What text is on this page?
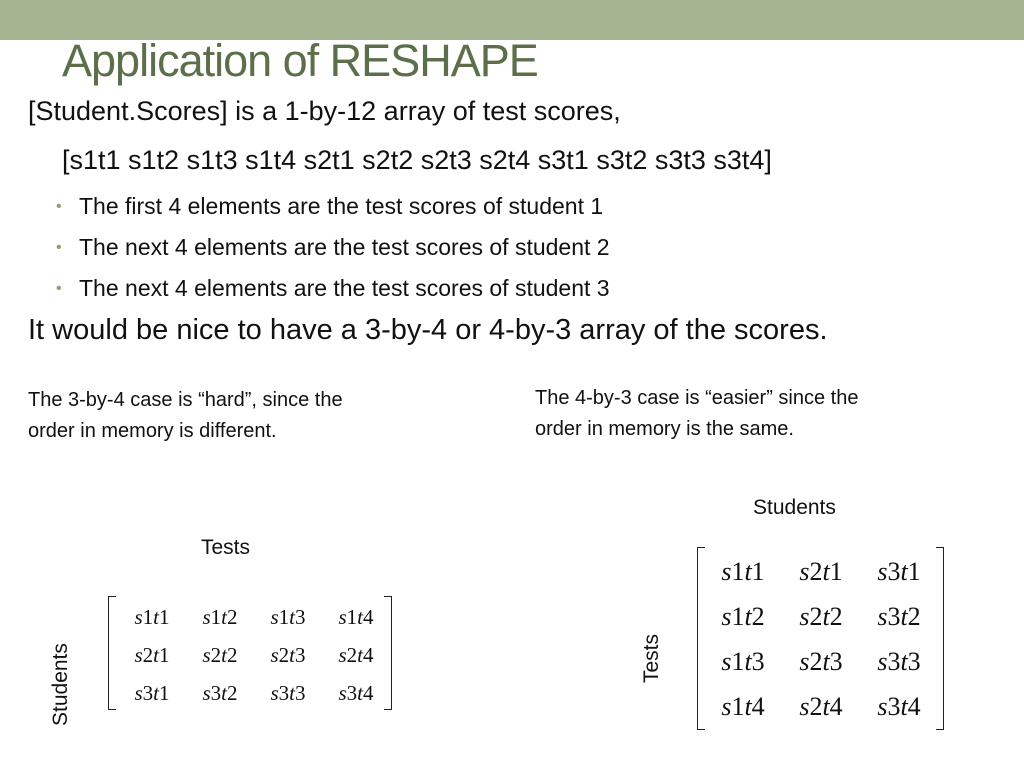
Application of RESHAPE
[Student.Scores] is a 1-by-12 array of test scores,
[s1t1 s1t2 s1t3 s1t4 s2t1 s2t2 s2t3 s2t4 s3t1 s3t2 s3t3 s3t4]
• The first 4 elements are the test scores of student 1
• The next 4 elements are the test scores of student 2
• The next 4 elements are the test scores of student 3
It would be nice to have a 3-by-4 or 4-by-3 array of the scores.
The 3-by-4 case is “hard”, since the
order in memory is different.
The 4-by-3 case is “easier” since the
order in memory is the same.
Tests
Students
s1t1	s1t2	s1t3	s1t4
s2t1	s2t2	s2t3	s2t4
s3t1	s3t2	s3t3	s3t4
Students
Tests
s1t1	s2t1	s3t1
s1t2	s2t2	s3t2
s1t3	s2t3	s3t3
s1t4	s2t4	s3t4
